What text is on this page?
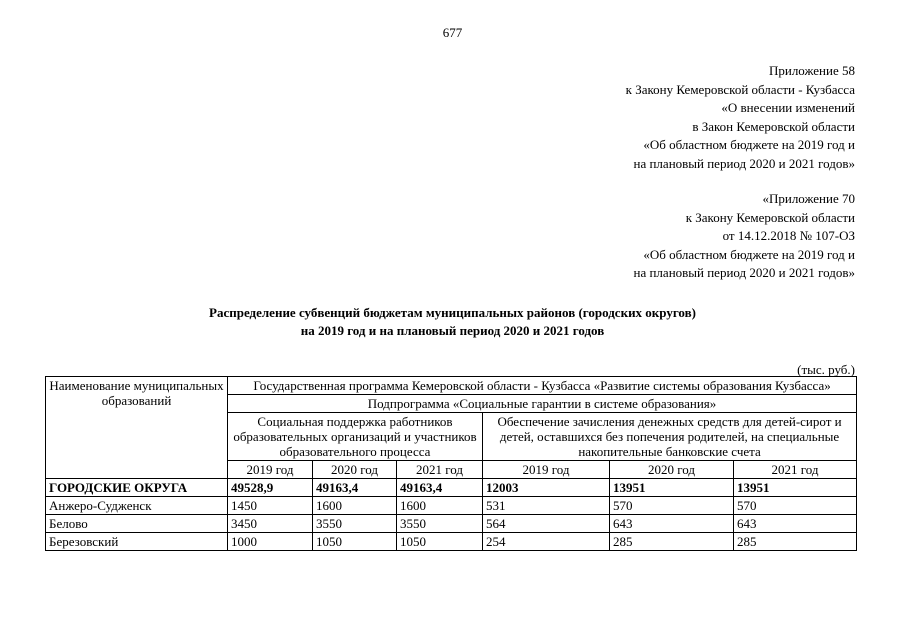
677
Приложение 58
к Закону Кемеровской области - Кузбасса
«О внесении изменений
в Закон Кемеровской области
«Об областном бюджете на 2019 год и
на плановый период 2020 и 2021 годов»
«Приложение 70
к Закону Кемеровской области
от 14.12.2018 № 107-ОЗ
«Об областном бюджете на 2019 год и
на плановый период 2020 и 2021 годов»
Распределение субвенций бюджетам муниципальных районов (городских округов)
на 2019 год и на плановый период 2020 и 2021 годов
(тыс. руб.)
Наименование муниципальных образований	Государственная программа Кемеровской области - Кузбасса «Развитие системы образования Кузбасса»					
	Подпрограмма «Социальные гарантии в системе образования»					
	Социальная поддержка работников образовательных организаций и участников образовательного процесса			Обеспечение зачисления денежных средств для детей-сирот и детей, оставшихся без попечения родителей, на специальные накопительные банковские счета		
	2019 год	2020 год	2021 год	2019 год	2020 год	2021 год
ГОРОДСКИЕ ОКРУГА	49528,9	49163,4	49163,4	12003	13951	13951
Анжеро-Судженск	1450	1600	1600	531	570	570
Белово	3450	3550	3550	564	643	643
Березовский	1000	1050	1050	254	285	285
